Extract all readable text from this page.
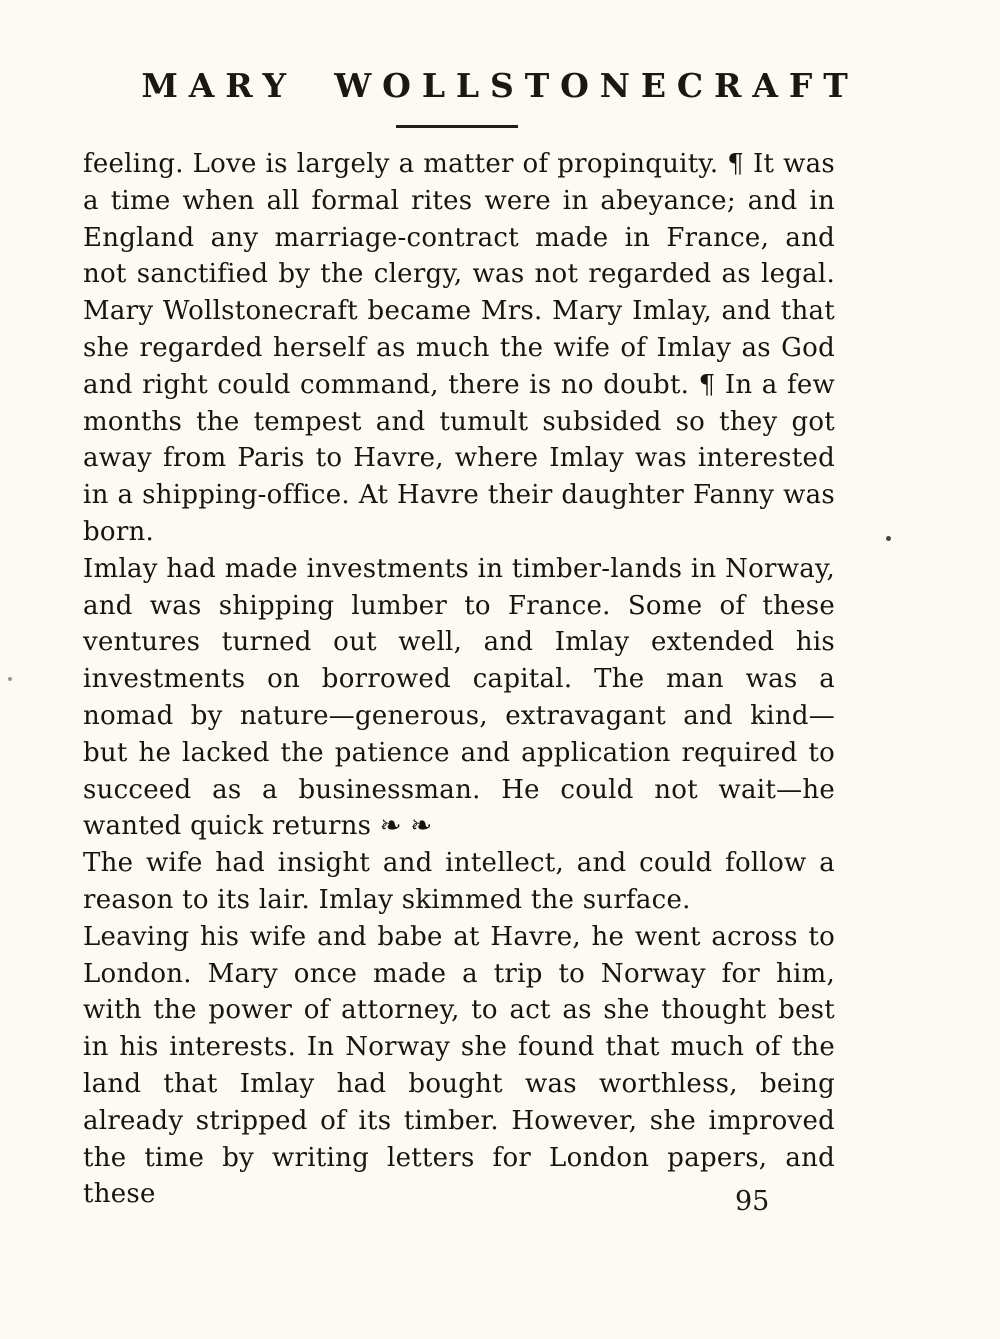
MARY WOLLSTONECRAFT

feeling. Love is largely a matter of propinquity. ¶ It was a time when all formal rites were in abeyance; and in England any marriage-contract made in France, and not sanctified by the clergy, was not regarded as legal. Mary Wollstonecraft became Mrs. Mary Imlay, and that she regarded herself as much the wife of Imlay as God and right could command, there is no doubt. ¶ In a few months the tempest and tumult subsided so they got away from Paris to Havre, where Imlay was interested in a shipping-office. At Havre their daughter Fanny was born.

Imlay had made investments in timber-lands in Norway, and was shipping lumber to France. Some of these ventures turned out well, and Imlay extended his investments on borrowed capital. The man was a nomad by nature—generous, extravagant and kind—but he lacked the patience and application required to succeed as a businessman. He could not wait—he wanted quick returns ❧ ❧

The wife had insight and intellect, and could follow a reason to its lair. Imlay skimmed the surface.

Leaving his wife and babe at Havre, he went across to London. Mary once made a trip to Norway for him, with the power of attorney, to act as she thought best in his interests. In Norway she found that much of the land that Imlay had bought was worthless, being already stripped of its timber. However, she improved the time by writing letters for London papers, and these	95
